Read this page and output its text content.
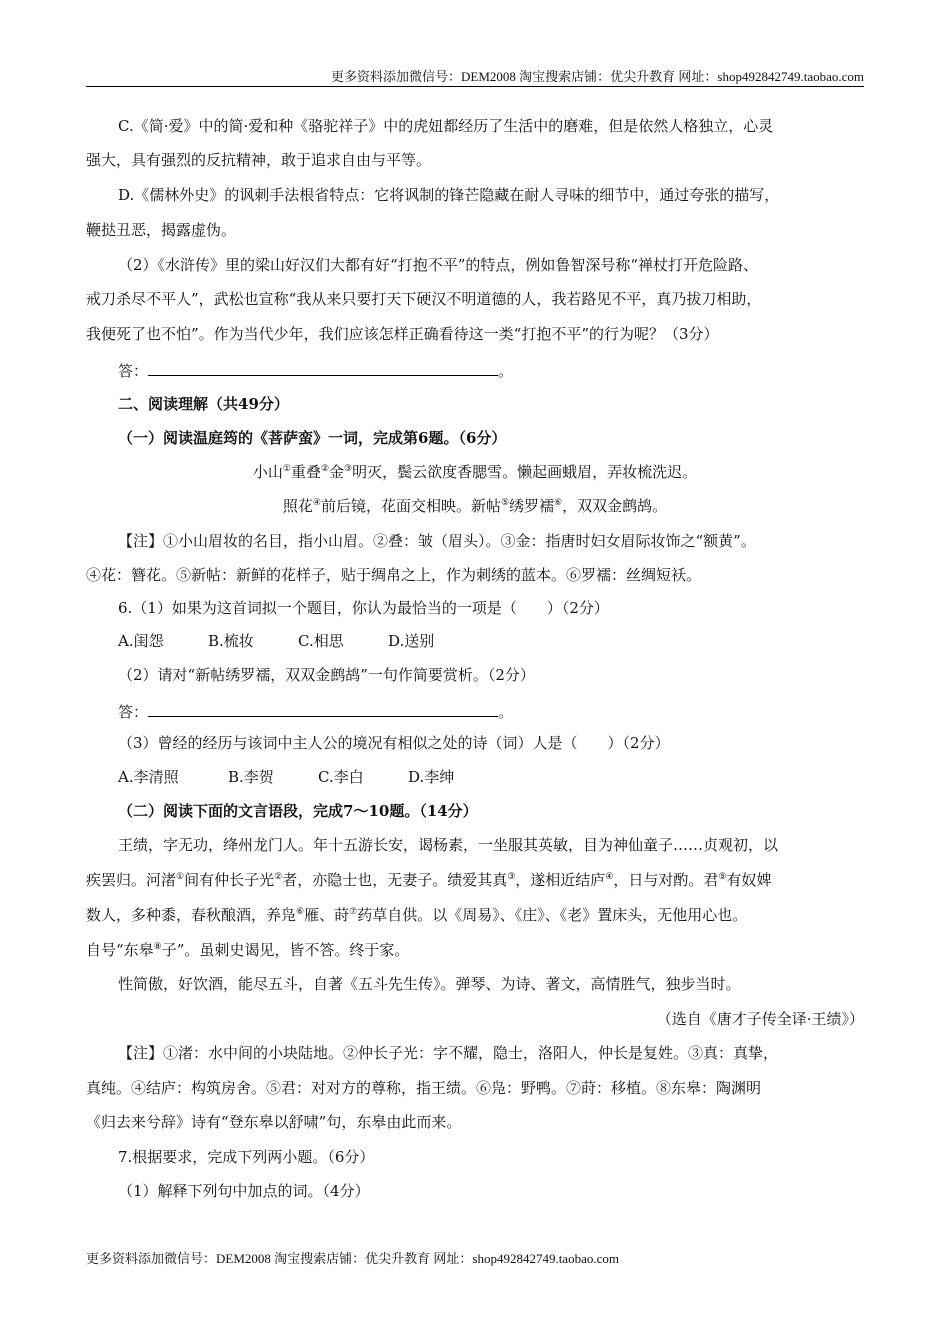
更多资料添加微信号：DEM2008 淘宝搜索店铺：优尖升教育 网址：shop492842749.taobao.com
C.《简·爱》中的简·爱和种《骆驼祥子》中的虎妞都经历了生活中的磨难，但是依然人格独立，心灵
强大，具有强烈的反抗精神，敢于追求自由与平等。
D.《儒林外史》的讽刺手法根省特点：它将讽制的锋芒隐藏在耐人寻味的细节中，通过夸张的描写，
鞭挞丑恶，揭露虚伪。
（2）《水浒传》里的梁山好汉们大都有好“打抱不平”的特点，例如鲁智深号称“禅杖打开危险路、
戒刀杀尽不平人”，武松也宣称“我从来只要打天下硬汉不明道德的人，我若路见不平，真乃拔刀相助，
我便死了也不怕”。作为当代少年，我们应该怎样正确看待这一类“打抱不平”的行为呢？（3分）
答：	。
二、阅读理解（共49分）
（一）阅读温庭筠的《菩萨蛮》一词，完成第6题。（6分）
小山①重叠②金③明灭，鬓云欲度香腮雪。懒起画蛾眉，弄妆梳洗迟。
照花④前后镜，花面交相映。新帖⑤绣罗襦⑥，双双金鹧鸪。
【注】①小山眉妆的名目，指小山眉。②叠：皱（眉头）。③金：指唐时妇女眉际妆饰之“额黄”。
④花：簪花。⑤新帖：新鲜的花样子，贴于绸帛之上，作为刺绣的蓝本。⑥罗襦：丝绸短袄。
6.（1）如果为这首词拟一个题目，你认为最恰当的一项是（　　）（2分）
A.闺怨	B.梳妆	C.相思	D.送别
（2）请对“新帖绣罗襦，双双金鹧鸪”一句作简要赏析。（2分）
答：	。
（3）曾经的经历与该词中主人公的境况有相似之处的诗（词）人是（　　）（2分）
A.李清照	B.李贺	C.李白	D.李绅
（二）阅读下面的文言语段，完成7～10题。（14分）
王绩，字无功，绛州龙门人。年十五游长安，谒杨素，一坐服其英敏，目为神仙童子……贞观初，以
疾罢归。河渚①间有仲长子光②者，亦隐士也，无妻子。绩爱其真③，遂相近结庐④，日与对酌。君⑤有奴婢
数人，多种黍，春秋酿酒，养凫⑥雁、莳⑦药草自供。以《周易》、《庄》、《老》置床头，无他用心也。
自号“东皋⑧子”。虽刺史谒见，皆不答。终于家。
性简傲，好饮酒，能尽五斗，自著《五斗先生传》。弹琴、为诗、著文，高情胜气，独步当时。
（选自《唐才子传全译·王绩》）
【注】①渚：水中间的小块陆地。②仲长子光：字不耀，隐士，洛阳人，仲长是复姓。③真：真挚，
真纯。④结庐：构筑房舍。⑤君：对对方的尊称，指王绩。⑥凫：野鸭。⑦莳：移植。⑧东皋：陶渊明
《归去来兮辞》诗有“登东皋以舒啸”句，东皋由此而来。
7.根据要求，完成下列两小题。（6分）
（1）解释下列句中加点的词。（4分）
更多资料添加微信号：DEM2008 淘宝搜索店铺：优尖升教育 网址：shop492842749.taobao.com
